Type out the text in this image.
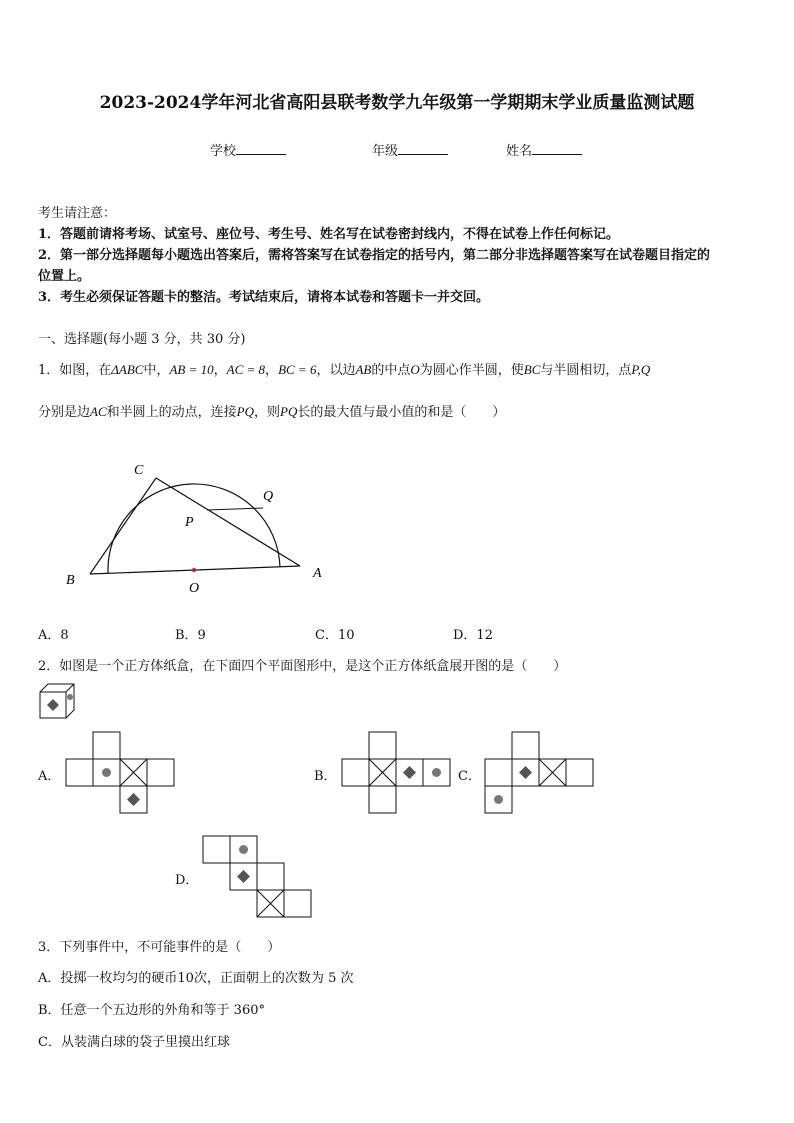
2023-2024学年河北省高阳县联考数学九年级第一学期期末学业质量监测试题
学校	年级	姓名
考生请注意：
1．答题前请将考场、试室号、座位号、考生号、姓名写在试卷密封线内，不得在试卷上作任何标记。
2．第一部分选择题每小题选出答案后，需将答案写在试卷指定的括号内，第二部分非选择题答案写在试卷题目指定的
位置上。
3．考生必须保证答题卡的整洁。考试结束后，请将本试卷和答题卡一并交回。
一、选择题(每小题 3 分，共 30 分)
1．如图，在ΔABC中，AB = 10，AC = 8，BC = 6，以边AB的中点O为圆心作半圆，使BC与半圆相切，点P,Q
分别是边AC和半圆上的动点，连接PQ，则PQ长的最大值与最小值的和是（　　）
C
Q
P
B
O
A
A．8	B．9	C．10	D．12
2．如图是一个正方体纸盒，在下面四个平面图形中，是这个正方体纸盒展开图的是（　　）
A．	B．	C．
D．
3．下列事件中，不可能事件的是（　　）
A．投掷一枚均匀的硬币10次，正面朝上的次数为 5 次
B．任意一个五边形的外角和等于 360°
C．从装满白球的袋子里摸出红球
